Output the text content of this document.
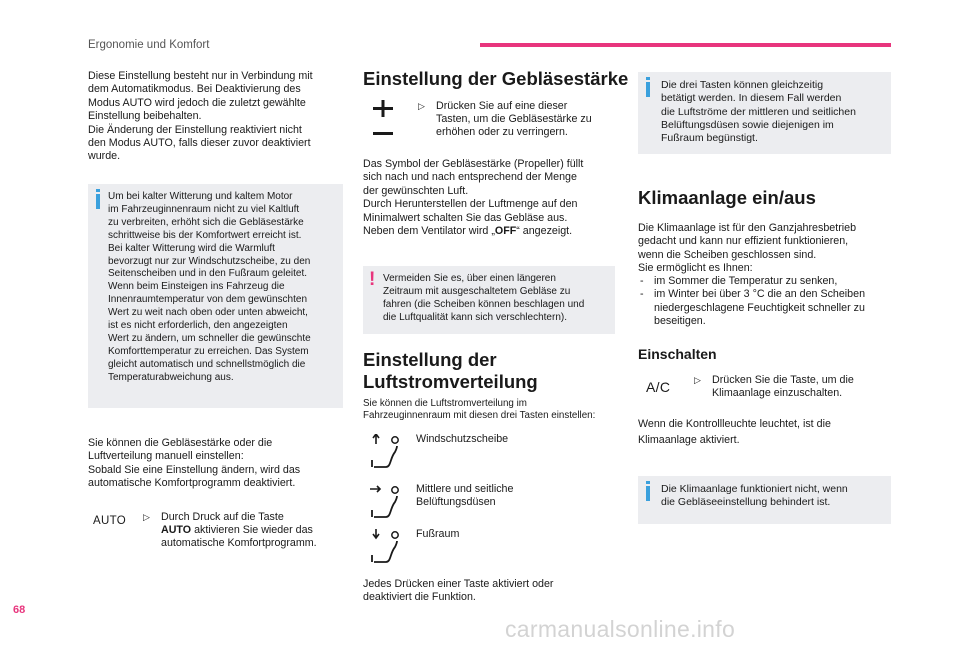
Ergonomie und Komfort
Diese Einstellung besteht nur in Verbindung mit
dem Automatikmodus. Bei Deaktivierung des
Modus AUTO wird jedoch die zuletzt gewählte
Einstellung beibehalten.
Die Änderung der Einstellung reaktiviert nicht
den Modus AUTO, falls dieser zuvor deaktiviert
wurde.
Um bei kalter Witterung und kaltem Motor
im Fahrzeuginnenraum nicht zu viel Kaltluft
zu verbreiten, erhöht sich die Gebläsestärke
schrittweise bis der Komfortwert erreicht ist.
Bei kalter Witterung wird die Warmluft
bevorzugt nur zur Windschutzscheibe, zu den
Seitenscheiben und in den Fußraum geleitet.
Wenn beim Einsteigen ins Fahrzeug die
Innenraumtemperatur von dem gewünschten
Wert zu weit nach oben oder unten abweicht,
ist es nicht erforderlich, den angezeigten
Wert zu ändern, um schneller die gewünschte
Komforttemperatur zu erreichen. Das System
gleicht automatisch und schnellstmöglich die
Temperaturabweichung aus.
Sie können die Gebläsestärke oder die
Luftverteilung manuell einstellen:
Sobald Sie eine Einstellung ändern, wird das
automatische Komfortprogramm deaktiviert.
AUTO ▷ Durch Druck auf die Taste
AUTO aktivieren Sie wieder das
automatische Komfortprogramm.
Einstellung der Gebläsestärke
▷ Drücken Sie auf eine dieser
Tasten, um die Gebläsestärke zu
erhöhen oder zu verringern.
Das Symbol der Gebläsestärke (Propeller) füllt
sich nach und nach entsprechend der Menge
der gewünschten Luft.
Durch Herunterstellen der Luftmenge auf den
Minimalwert schalten Sie das Gebläse aus.
Neben dem Ventilator wird „OFF“ angezeigt.
! Vermeiden Sie es, über einen längeren
Zeitraum mit ausgeschaltetem Gebläse zu
fahren (die Scheiben können beschlagen und
die Luftqualität kann sich verschlechtern).
Einstellung der
Luftstromverteilung
Sie können die Luftstromverteilung im
Fahrzeuginnenraum mit diesen drei Tasten einstellen:
Windschutzscheibe
Mittlere und seitliche
Belüftungsdüsen
Fußraum
Jedes Drücken einer Taste aktiviert oder
deaktiviert die Funktion.
Die drei Tasten können gleichzeitig
betätigt werden. In diesem Fall werden
die Luftströme der mittleren und seitlichen
Belüftungsdüsen sowie diejenigen im
Fußraum begünstigt.
Klimaanlage ein/aus
Die Klimaanlage ist für den Ganzjahresbetrieb
gedacht und kann nur effizient funktionieren,
wenn die Scheiben geschlossen sind.
Sie ermöglicht es Ihnen:
- im Sommer die Temperatur zu senken,
- im Winter bei über 3 °C die an den Scheiben
niedergeschlagene Feuchtigkeit schneller zu
beseitigen.
Einschalten
A/C	▷ Drücken Sie die Taste, um die
Klimaanlage einzuschalten.
Wenn die Kontrollleuchte leuchtet, ist die
Klimaanlage aktiviert.
Die Klimaanlage funktioniert nicht, wenn
die Gebläseeinstellung behindert ist.
68
carmanualsonline.info
